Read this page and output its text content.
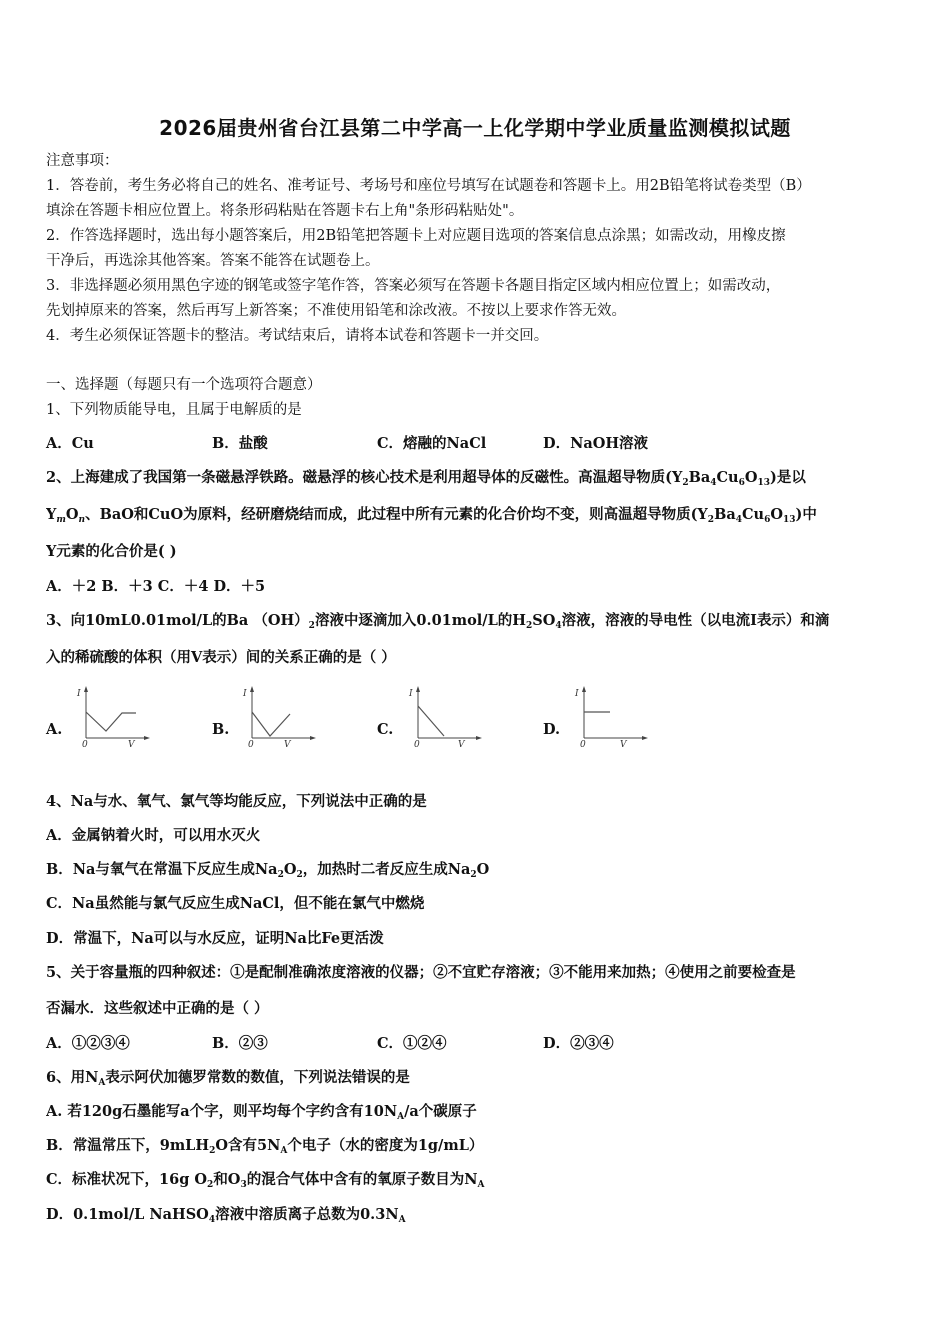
2026届贵州省台江县第二中学高一上化学期中学业质量监测模拟试题
注意事项：
1．答卷前，考生务必将自己的姓名、准考证号、考场号和座位号填写在试题卷和答题卡上。用2B铅笔将试卷类型（B）
填涂在答题卡相应位置上。将条形码粘贴在答题卡右上角"条形码粘贴处"。
2．作答选择题时，选出每小题答案后，用2B铅笔把答题卡上对应题目选项的答案信息点涂黑；如需改动，用橡皮擦
干净后，再选涂其他答案。答案不能答在试题卷上。
3．非选择题必须用黑色字迹的钢笔或签字笔作答，答案必须写在答题卡各题目指定区域内相应位置上；如需改动，
先划掉原来的答案，然后再写上新答案；不准使用铅笔和涂改液。不按以上要求作答无效。
4．考生必须保证答题卡的整洁。考试结束后，请将本试卷和答题卡一并交回。
一、选择题（每题只有一个选项符合题意）
1、下列物质能导电，且属于电解质的是
A．Cu	B．盐酸	C．熔融的NaCl	D．NaOH溶液
2、上海建成了我国第一条磁悬浮铁路。磁悬浮的核心技术是利用超导体的反磁性。高温超导物质$(Y_2Ba_4Cu_6O_{13})$是以
$Y_mO_n$、BaO和CuO为原料，经研磨烧结而成，此过程中所有元素的化合价均不变，则高温超导物质$(Y_2Ba_4Cu_6O_{13})$中
Y元素的化合价是( )
A．＋2 B．＋3 C．＋4 D．＋5
3、向10mL0.01mol/L的Ba $(OH)_2$溶液中逐滴加入0.01mol/L的$H_2SO_4$溶液，溶液的导电性（以电流I表示）和滴
入的稀硫酸的体积（用V表示）间的关系正确的是（ ）
A.
I
0	V
B.
I
0	V
C.
I
0	V
D.
I
0	V
4、Na与水、氧气、氯气等均能反应，下列说法中正确的是
A．金属钠着火时，可以用水灭火
B．Na与氧气在常温下反应生成$Na_2O_2$，加热时二者反应生成$Na_2O$
C．Na虽然能与氯气反应生成NaCl，但不能在氯气中燃烧
D．常温下，Na可以与水反应，证明Na比Fe更活泼
5、关于容量瓶的四种叙述：①是配制准确浓度溶液的仪器；②不宜贮存溶液；③不能用来加热；④使用之前要检查是
否漏水．这些叙述中正确的是（ ）
A．①②③④	B．②③	C．①②④	D．②③④
6、用$N_A$表示阿伏加德罗常数的数值，下列说法错误的是
A. 若120g石墨能写a个字，则平均每个字约含有$10N_A/a$个碳原子
B．常温常压下，9mLH$_2$O含有$5N_A$个电子（水的密度为1g/mL）
C．标准状况下，16g $O_2$和$O_3$的混合气体中含有的氧原子数目为$N_A$
D．0.1mol/L NaHSO$_4$溶液中溶质离子总数为$0.3N_A$
